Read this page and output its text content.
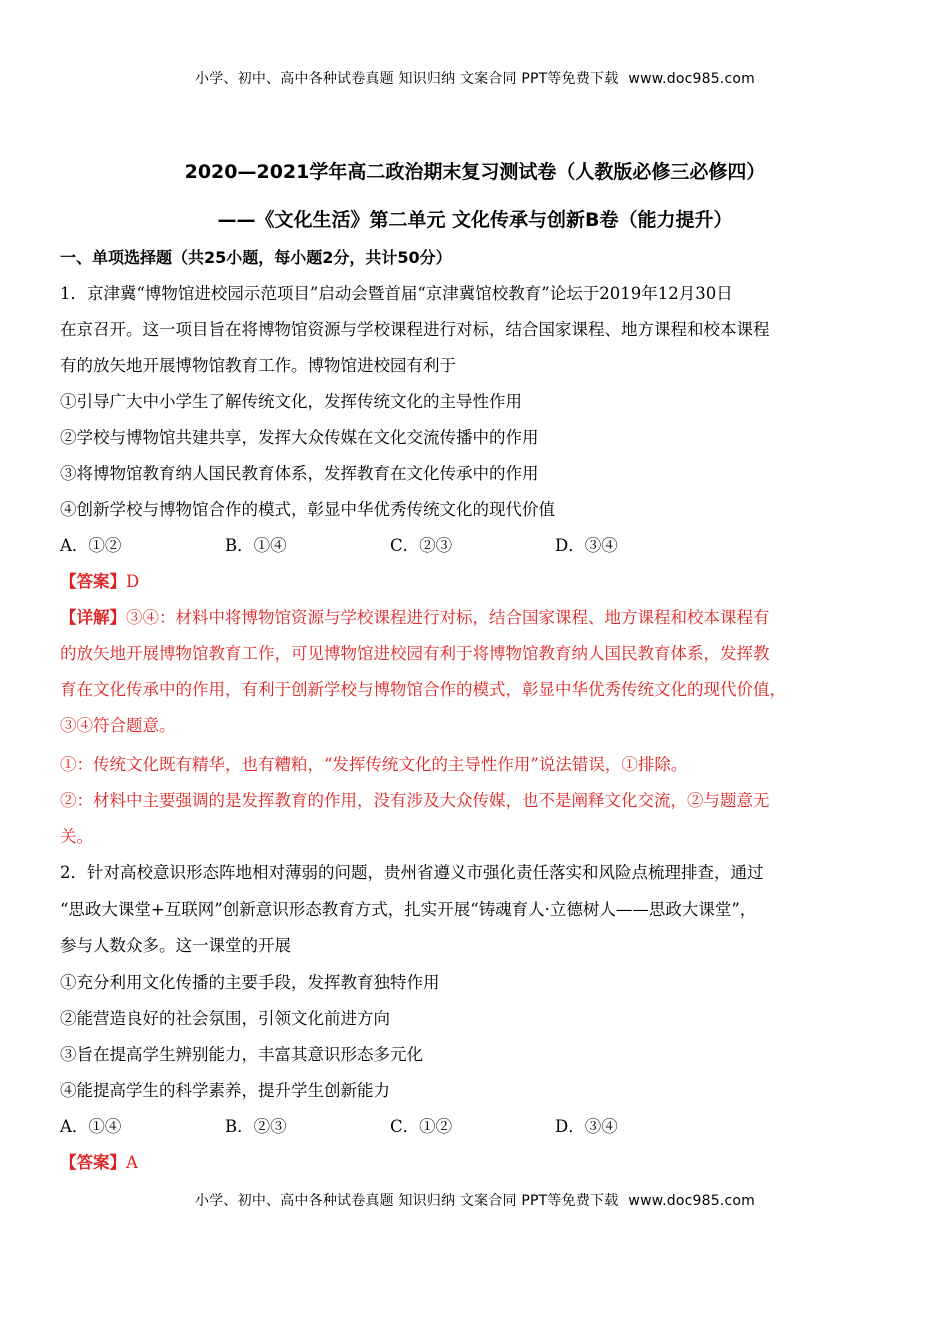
小学、初中、高中各种试卷真题 知识归纳 文案合同 PPT等免费下载 www.doc985.com
2020—2021学年高二政治期末复习测试卷（人教版必修三必修四）
——《文化生活》第二单元 文化传承与创新B卷（能力提升）
一、单项选择题（共25小题，每小题2分，共计50分）
1．京津冀“博物馆进校园示范项目”启动会暨首届“京津冀馆校教育”论坛于2019年12月30日
在京召开。这一项目旨在将博物馆资源与学校课程进行对标，结合国家课程、地方课程和校本课程
有的放矢地开展博物馆教育工作。博物馆进校园有利于
①引导广大中小学生了解传统文化，发挥传统文化的主导性作用
②学校与博物馆共建共享，发挥大众传媒在文化交流传播中的作用
③将博物馆教育纳人国民教育体系，发挥教育在文化传承中的作用
④创新学校与博物馆合作的模式，彰显中华优秀传统文化的现代价值
A．①②	B．①④	C．②③	D．③④
【答案】D
【详解】③④：材料中将博物馆资源与学校课程进行对标，结合国家课程、地方课程和校本课程有
的放矢地开展博物馆教育工作，可见博物馆进校园有利于将博物馆教育纳人国民教育体系，发挥教
育在文化传承中的作用，有利于创新学校与博物馆合作的模式，彰显中华优秀传统文化的现代价值，
③④符合题意。
①：传统文化既有精华，也有糟粕，“发挥传统文化的主导性作用”说法错误，①排除。
②：材料中主要强调的是发挥教育的作用，没有涉及大众传媒，也不是阐释文化交流，②与题意无
关。
2．针对高校意识形态阵地相对薄弱的问题，贵州省遵义市强化责任落实和风险点梳理排查，通过
“思政大课堂+互联网”创新意识形态教育方式，扎实开展“铸魂育人·立德树人——思政大课堂”，
参与人数众多。这一课堂的开展
①充分利用文化传播的主要手段，发挥教育独特作用
②能营造良好的社会氛围，引领文化前进方向
③旨在提高学生辨别能力，丰富其意识形态多元化
④能提高学生的科学素养，提升学生创新能力
A．①④	B．②③	C．①②	D．③④
【答案】A
小学、初中、高中各种试卷真题 知识归纳 文案合同 PPT等免费下载 www.doc985.com
